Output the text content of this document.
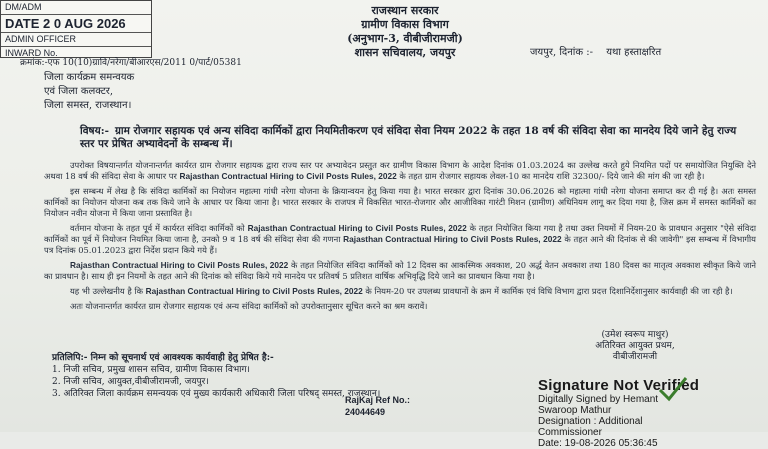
DM/ADM
DATE 2 0 AUG 2026
ADMIN OFFICER
INWARD No.
राजस्थान सरकार
ग्रामीण विकास विभाग
(अनुभाग-3, वीबीजीरामजी)
शासन सचिवालय, जयपुर	जयपुर, दिनांक :- यथा हस्ताक्षरित
क्रमांक:-एफ 10(10)ग्रावि/नरेगा/बीआरएस/2011 0/पार्ट/05381
जिला कार्यक्रम समन्वयक
एवं जिला कलक्टर,
जिला समस्त, राजस्थान।
विषय:- ग्राम रोजगार सहायक एवं अन्य संविदा कार्मिकों द्वारा नियमितीकरण एवं संविदा सेवा नियम 2022 के तहत 18 वर्ष की संविदा सेवा का मानदेय दिये जाने हेतु राज्य स्तर पर प्रेषित अभ्यावेदनों के सम्बन्ध में।

उपरोक्त विषयान्तर्गत योजनान्तर्गत कार्यरत ग्राम रोजगार सहायक द्वारा राज्य स्तर पर अभ्यावेदन प्रस्तुत कर ग्रामीण विकास विभाग के आदेश दिनांक 01.03.2024 का उल्लेख करते हुये नियमित पदों पर समायोजित नियुक्ति देने अथवा 18 वर्ष की संविदा सेवा के आधार पर Rajasthan Contractual Hiring to Civil Posts Rules, 2022 के तहत ग्राम रोजगार सहायक लेवल-10 का मानदेय राशि 32300/- दिये जाने की मांग की जा रही है।

इस सम्बन्ध में लेख है कि संविदा कार्मिकों का नियोजन महात्मा गांधी नरेगा योजना के क्रियान्वयन हेतु किया गया है। भारत सरकार द्वारा दिनांक 30.06.2026 को महात्मा गांधी नरेगा योजना समाप्त कर दी गई है। अतः समस्त कार्मिकों का नियोजन योजना कब तक किये जाने के आधार पर किया जाना है। भारत सरकार के राजपत्र में विकसित भारत-रोजगार और आजीविका गारंटी मिशन (ग्रामीण) अधिनियम लागू कर दिया गया है, जिस क्रम में समस्त कार्मिकों का नियोजन नवीन योजना में किया जाना प्रस्तावित है।

वर्तमान योजना के तहत पूर्व में कार्यरत संविदा कार्मिकों को Rajasthan Contractual Hiring to Civil Posts Rules, 2022 के तहत नियोजित किया गया है तथा उक्त नियमों में नियम-20 के प्रावधान अनुसार "ऐसे संविदा कार्मिकों का पूर्व में नियोजन नियमित किया जाना है, उनको 9 व 18 वर्ष की संविदा सेवा की गणना Rajasthan Contractual Hiring to Civil Posts Rules, 2022 के तहत आने की दिनांक से की जावेगी" इस सम्बन्ध में विभागीय पत्र दिनांक 05.01.2023 द्वारा निर्देश प्रदान किये गये हैं।

Rajasthan Contractual Hiring to Civil Posts Rules, 2022 के तहत नियोजित संविदा कार्मिकों को 12 दिवस का आकस्मिक अवकाश, 20 अर्द्ध वेतन अवकाश तथा 180 दिवस का मातृत्व अवकाश स्वीकृत किये जाने का प्रावधान है। साथ ही इन नियमों के तहत आने की दिनांक को संविदा किये गये मानदेय पर प्रतिवर्ष 5 प्रतिशत वार्षिक अभिवृद्धि दिये जाने का प्रावधान किया गया है।

यह भी उल्लेखनीय है कि Rajasthan Contractual Hiring to Civil Posts Rules, 2022 के नियम-20 पर उपलब्ध प्रावधानों के क्रम में कार्मिक एवं विधि विभाग द्वारा प्रदत्त दिशानिर्देशानुसार कार्यवाही की जा रही है।

अतः योजनान्तर्गत कार्यरत ग्राम रोजगार सहायक एवं अन्य संविदा कार्मिकों को उपरोक्तानुसार सूचित करने का श्रम करावें।

(उमेश स्वरूप माथुर)
अतिरिक्त आयुक्त प्रथम,
वीबीजीरामजी
प्रतिलिपि:- निम्न को सूचनार्थ एवं आवश्यक कार्यवाही हेतु प्रेषित है:-
1. निजी सचिव, प्रमुख शासन सचिव, ग्रामीण विकास विभाग।
2. निजी सचिव, आयुक्त,वीबीजीरामजी, जयपुर।
3. अतिरिक्त जिला कार्यक्रम समन्वयक एवं मुख्य कार्यकारी अधिकारी जिला परिषद् समस्त, राजस्थान।
RajKaj Ref No.:
24044649
Signature Not Verified
Digitally Signed by Hemant
Swaroop Mathur
Designation : Additional
Commissioner
Date: 19-08-2026 05:36:45
